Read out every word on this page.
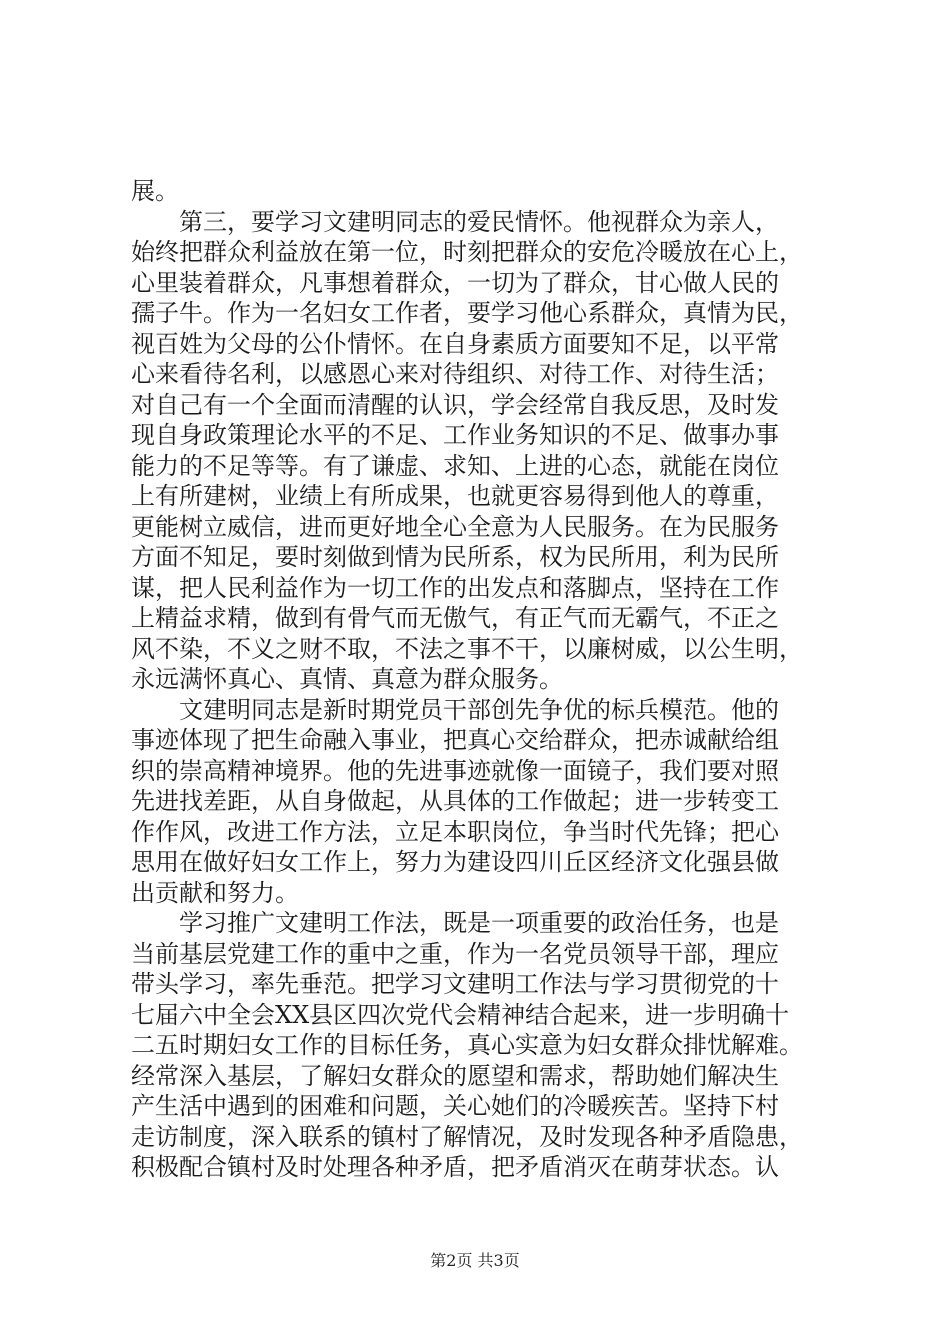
展。
第三，要学习文建明同志的爱民情怀。他视群众为亲人，
始终把群众利益放在第一位，时刻把群众的安危冷暖放在心上，
心里装着群众，凡事想着群众，一切为了群众，甘心做人民的
孺子牛。作为一名妇女工作者，要学习他心系群众，真情为民，
视百姓为父母的公仆情怀。在自身素质方面要知不足，以平常
心来看待名利，以感恩心来对待组织、对待工作、对待生活；
对自己有一个全面而清醒的认识，学会经常自我反思，及时发
现自身政策理论水平的不足、工作业务知识的不足、做事办事
能力的不足等等。有了谦虚、求知、上进的心态，就能在岗位
上有所建树，业绩上有所成果，也就更容易得到他人的尊重，
更能树立威信，进而更好地全心全意为人民服务。在为民服务
方面不知足，要时刻做到情为民所系，权为民所用，利为民所
谋，把人民利益作为一切工作的出发点和落脚点，坚持在工作
上精益求精，做到有骨气而无傲气，有正气而无霸气，不正之
风不染，不义之财不取，不法之事不干，以廉树威，以公生明，
永远满怀真心、真情、真意为群众服务。
文建明同志是新时期党员干部创先争优的标兵模范。他的
事迹体现了把生命融入事业，把真心交给群众，把赤诚献给组
织的崇高精神境界。他的先进事迹就像一面镜子，我们要对照
先进找差距，从自身做起，从具体的工作做起；进一步转变工
作作风，改进工作方法，立足本职岗位，争当时代先锋；把心
思用在做好妇女工作上，努力为建设四川丘区经济文化强县做
出贡献和努力。
学习推广文建明工作法，既是一项重要的政治任务，也是
当前基层党建工作的重中之重，作为一名党员领导干部，理应
带头学习，率先垂范。把学习文建明工作法与学习贯彻党的十
七届六中全会XX县区四次党代会精神结合起来，进一步明确十
二五时期妇女工作的目标任务，真心实意为妇女群众排忧解难。
经常深入基层，了解妇女群众的愿望和需求，帮助她们解决生
产生活中遇到的困难和问题，关心她们的冷暖疾苦。坚持下村
走访制度，深入联系的镇村了解情况，及时发现各种矛盾隐患，
积极配合镇村及时处理各种矛盾，把矛盾消灭在萌芽状态。认
第2页 共3页
